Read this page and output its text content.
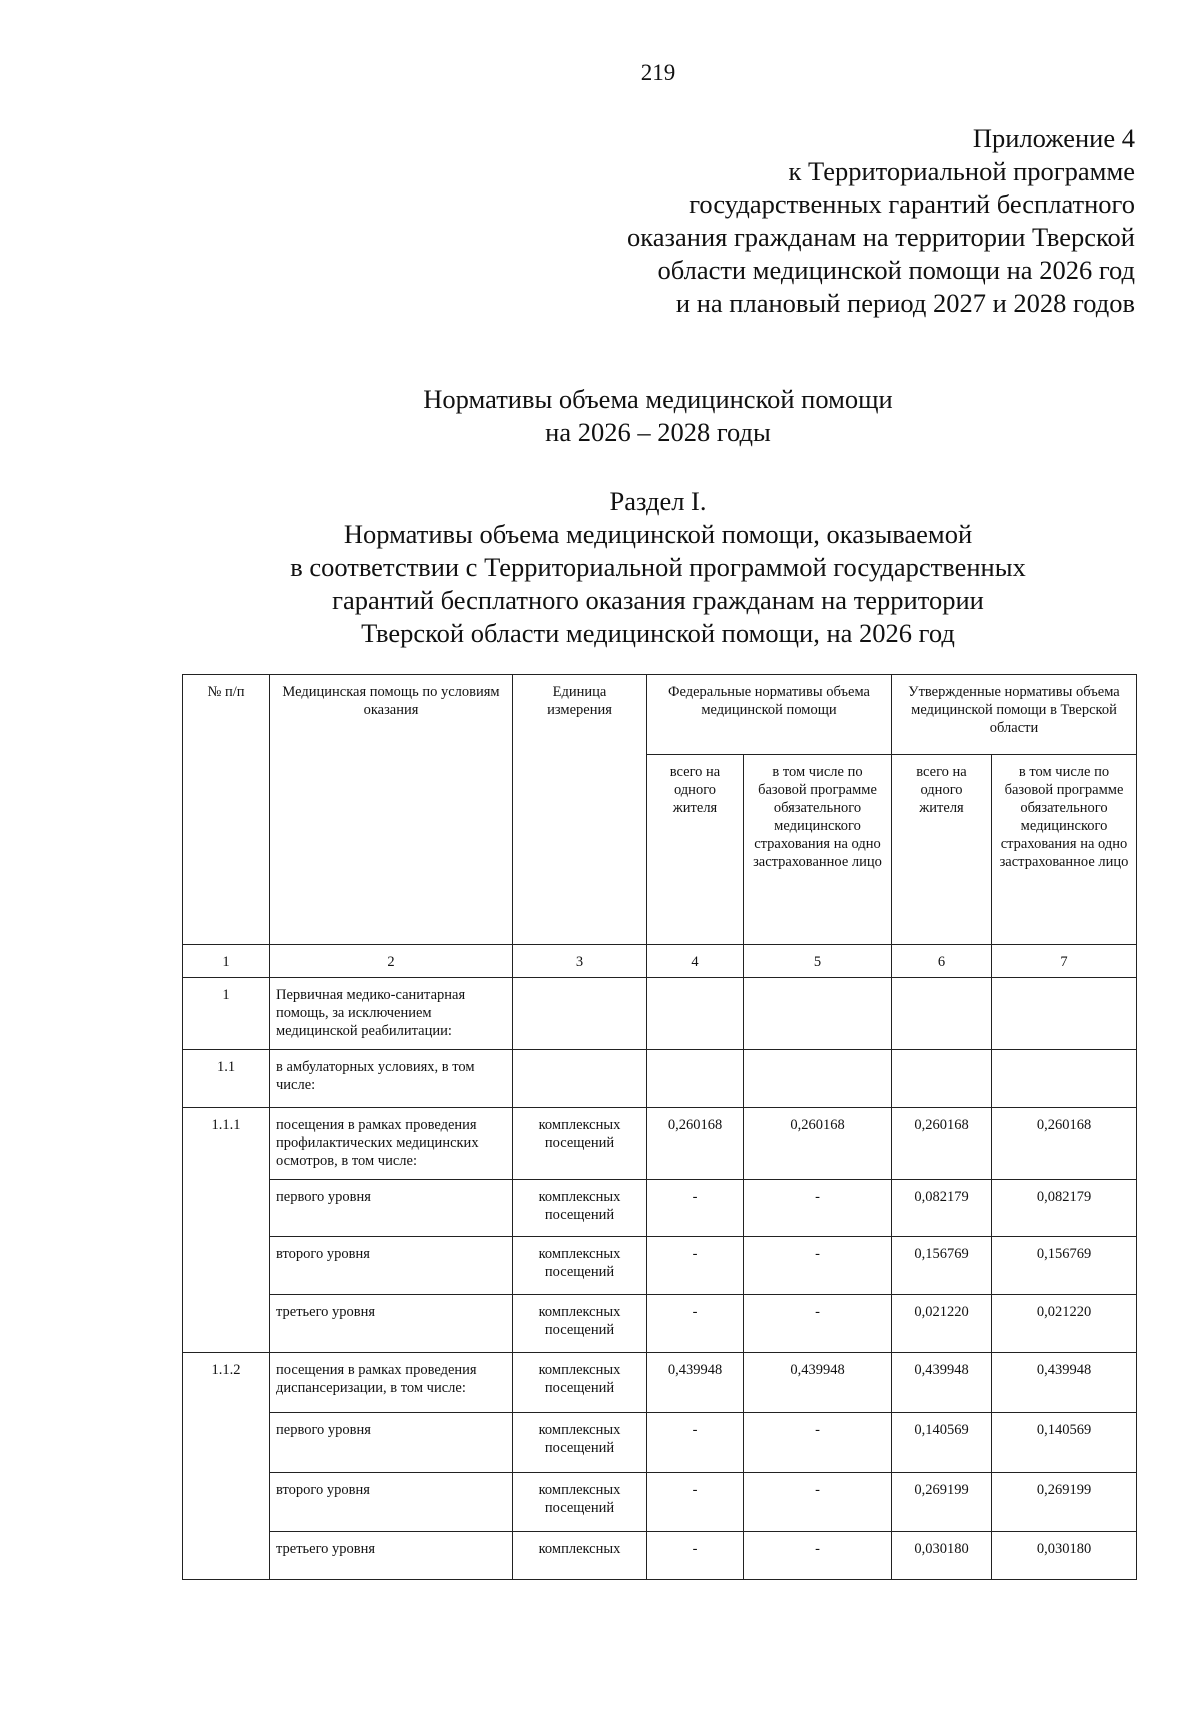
219
Приложение 4
к Территориальной программе
государственных гарантий бесплатного
оказания гражданам на территории Тверской
области медицинской помощи на 2026 год
и на плановый период 2027 и 2028 годов
Нормативы объема медицинской помощи
на 2026 – 2028 годы
Раздел I.
Нормативы объема медицинской помощи, оказываемой
в соответствии с Территориальной программой государственных
гарантий бесплатного оказания гражданам на территории
Тверской области медицинской помощи, на 2026 год
№ п/п	Медицинская помощь по условиям оказания	Единица измерения	Федеральные нормативы объема медицинской помощи		Утвержденные нормативы объема медицинской помощи в Тверской области	
			всего на одного жителя	в том числе по базовой программе обязательного медицинского страхования на одно застрахованное лицо	всего на одного жителя	в том числе по базовой программе обязательного медицинского страхования на одно застрахованное лицо
1	2	3	4	5	6	7
1	Первичная медико-санитарная помощь, за исключением медицинской реабилитации:					
1.1	в амбулаторных условиях, в том числе:					
1.1.1	посещения в рамках проведения профилактических медицинских осмотров, в том числе:	комплексных посещений	0,260168	0,260168	0,260168	0,260168
	первого уровня	комплексных посещений	-	-	0,082179	0,082179
	второго уровня	комплексных посещений	-	-	0,156769	0,156769
	третьего уровня	комплексных посещений	-	-	0,021220	0,021220
1.1.2	посещения в рамках проведения диспансеризации, в том числе:	комплексных посещений	0,439948	0,439948	0,439948	0,439948
	первого уровня	комплексных посещений	-	-	0,140569	0,140569
	второго уровня	комплексных посещений	-	-	0,269199	0,269199
	третьего уровня	комплексных	-	-	0,030180	0,030180
